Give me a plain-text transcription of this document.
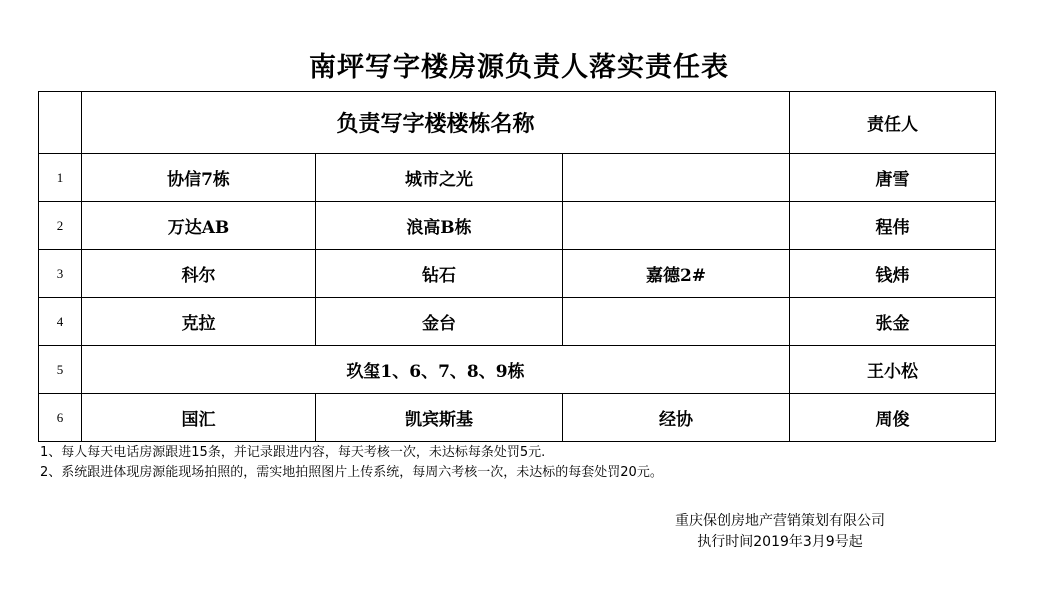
南坪写字楼房源负责人落实责任表
	负责写字楼楼栋名称			责任人
1	协信7栋	城市之光		唐雪
2	万达AB	浪高B栋		程伟
3	科尔	钻石	嘉德2#	钱炜
4	克拉	金台		张金
5	玖玺1、6、7、8、9栋			王小松
6	国汇	凯宾斯基	经协	周俊
1、每人每天电话房源跟进15条，并记录跟进内容，每天考核一次，未达标每条处罚5元.
2、系统跟进体现房源能现场拍照的，需实地拍照图片上传系统，每周六考核一次，未达标的每套处罚20元。
重庆保创房地产营销策划有限公司
执行时间2019年3月9号起
